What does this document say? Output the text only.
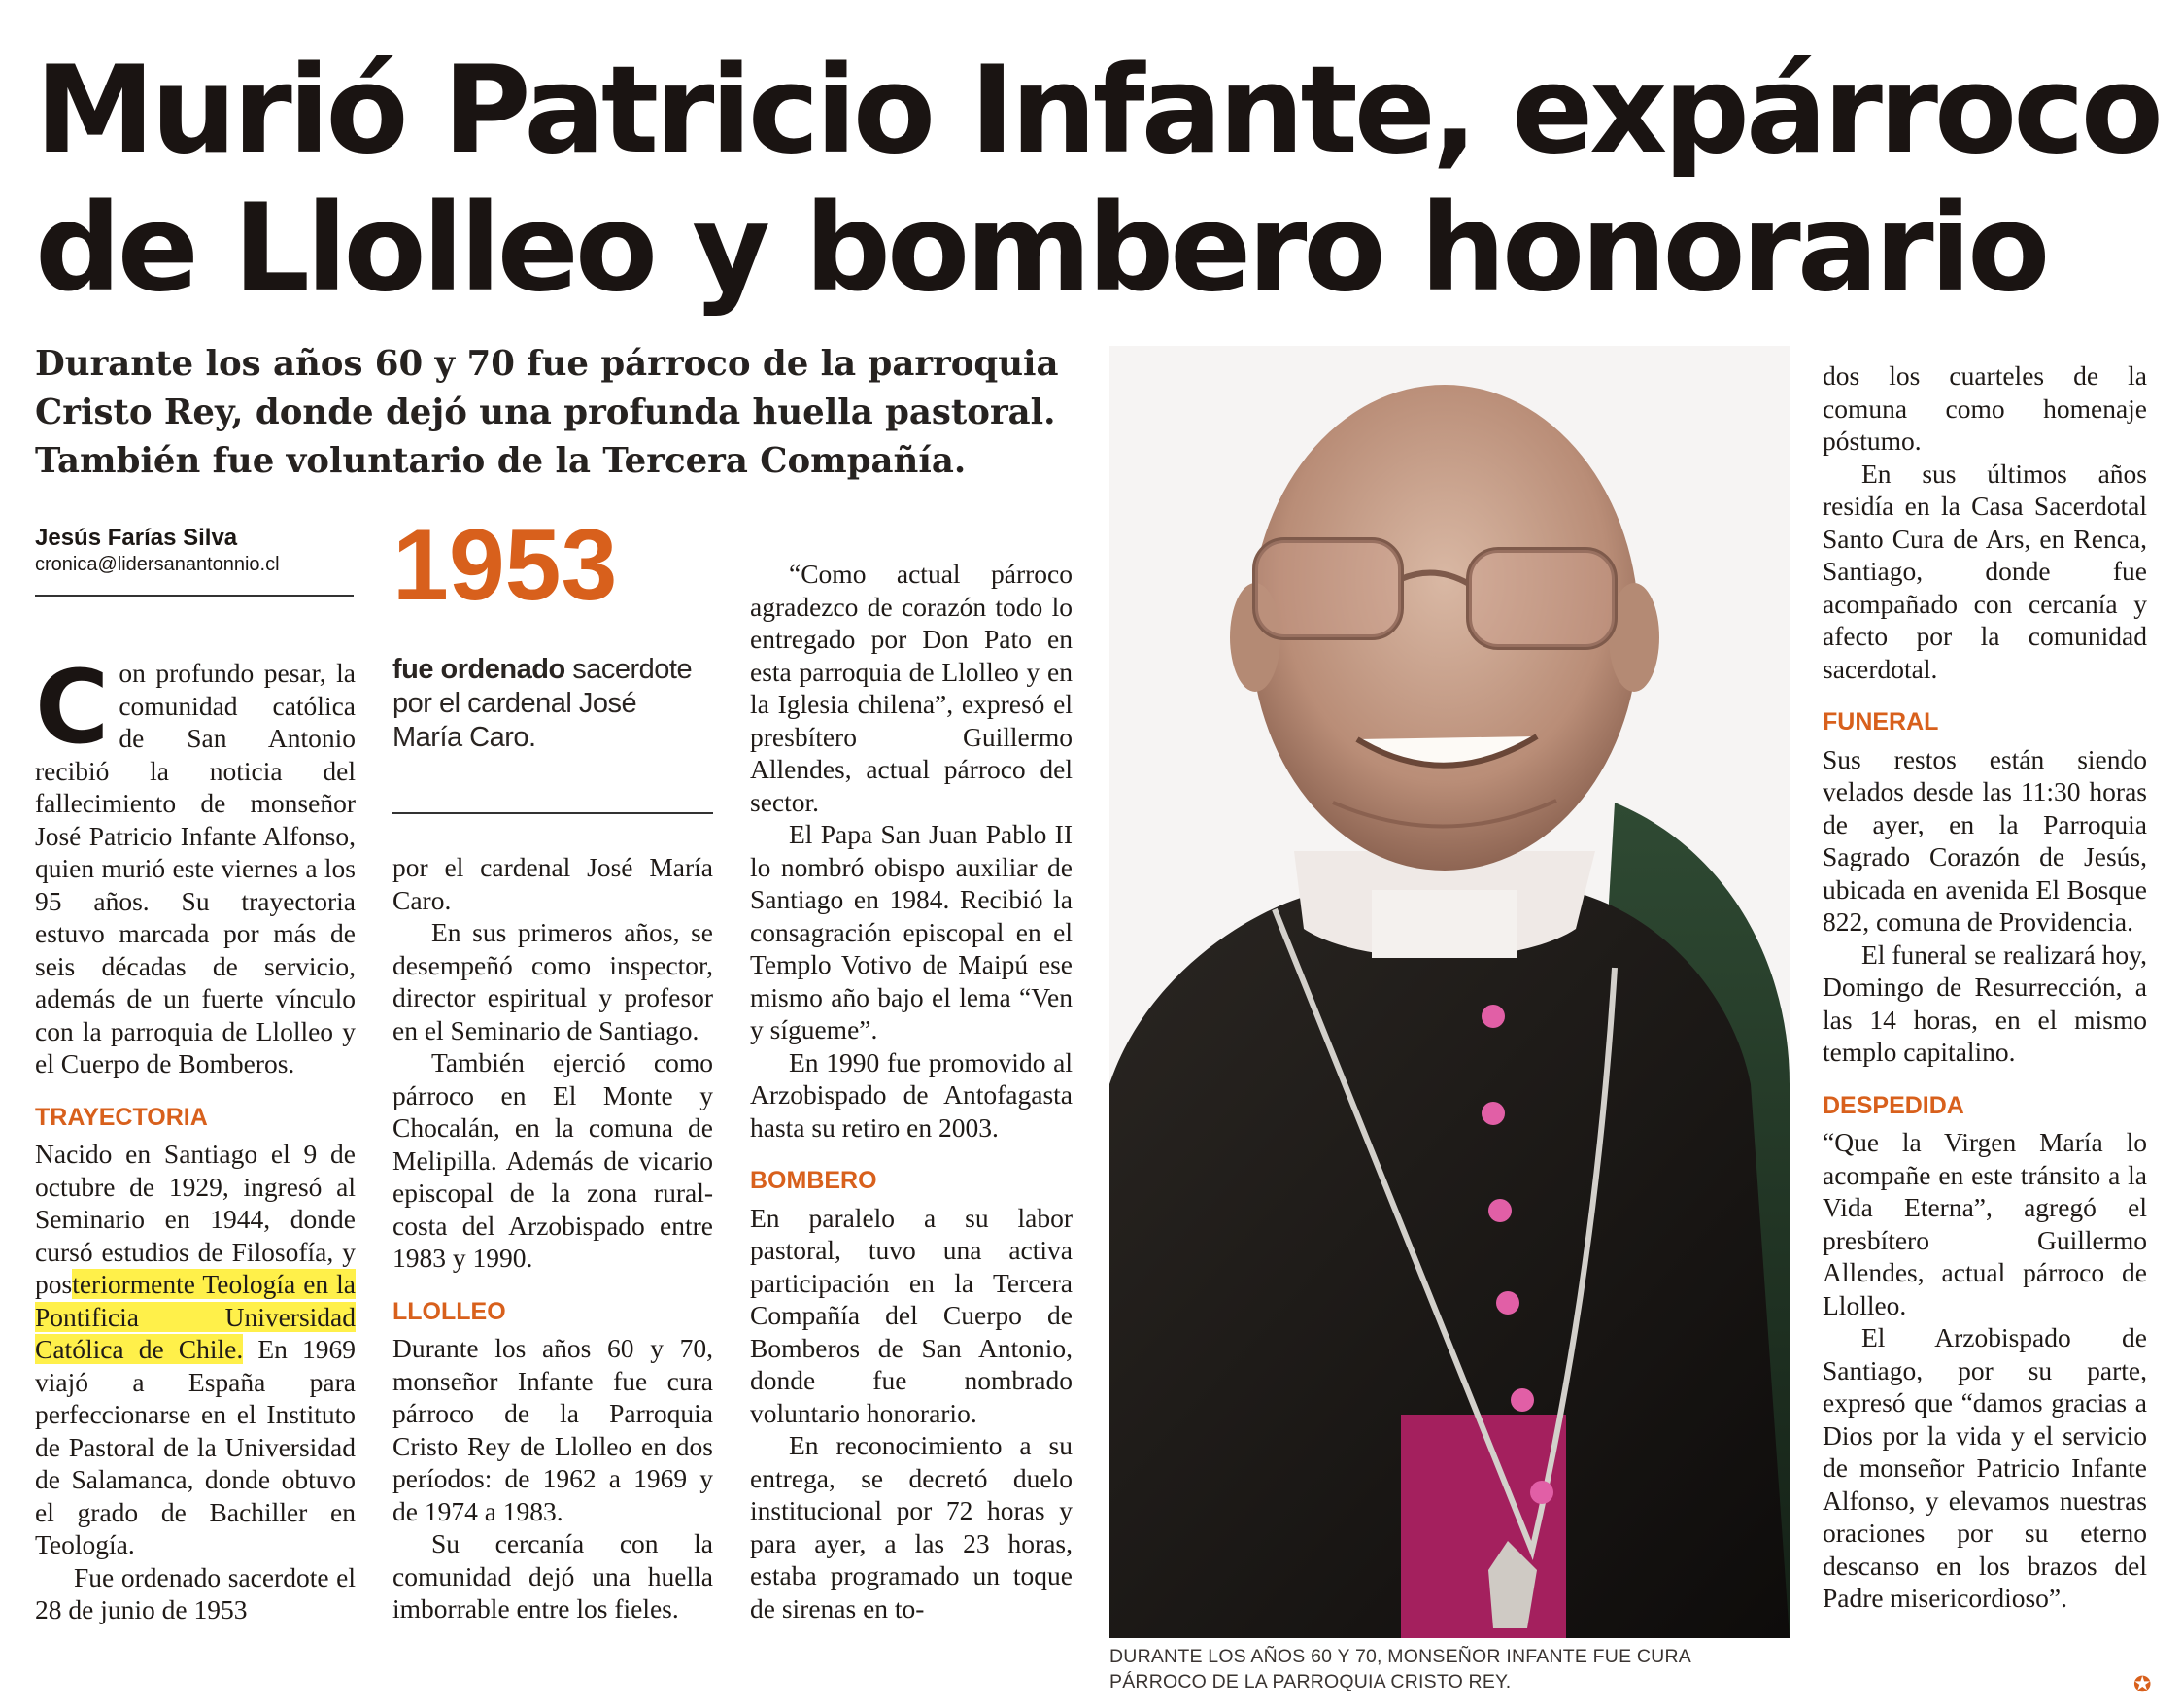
Murió Patricio Infante, expárroco
de Llolleo y bombero honorario
Durante los años 60 y 70 fue párroco de la parroquia Cristo Rey, donde dejó una profunda huella pastoral. También fue voluntario de la Tercera Compañía.
Jesús Farías Silva
cronica@lidersanantonnio.cl	1953
fue ordenado sacerdote por el cardenal José María Caro.

Con profundo pesar, la comunidad católica de San Antonio recibió la noticia del fallecimiento de monseñor José Patricio Infante Alfonso, quien murió este viernes a los 95 años. Su trayectoria estuvo marcada por más de seis décadas de servicio, además de un fuerte vínculo con la parroquia de Llolleo y el Cuerpo de Bomberos.

TRAYECTORIA

Nacido en Santiago el 9 de octubre de 1929, ingresó al Seminario en 1944, donde cursó estudios de Filosofía, y posteriormente Teología en la Pontificia Universidad Católica de Chile. En 1969 viajó a España para perfeccionarse en el Instituto de Pastoral de la Universidad de Salamanca, donde obtuvo el grado de Bachiller en Teología.

Fue ordenado sacerdote el 28 de junio de 1953

por el cardenal José María Caro.

En sus primeros años, se desempeñó como inspector, director espiritual y profesor en el Seminario de Santiago.

También ejerció como párroco en El Monte y Chocalán, en la comuna de Melipilla. Además de vicario episcopal de la zona rural-costa del Arzobispado entre 1983 y 1990.

LLOLLEO

Durante los años 60 y 70, monseñor Infante fue cura párroco de la Parroquia Cristo Rey de Llolleo en dos períodos: de 1962 a 1969 y de 1974 a 1983.

Su cercanía con la comunidad dejó una huella imborrable entre los fieles.

“Como actual párroco agradezco de corazón todo lo entregado por Don Pato en esta parroquia de Llolleo y en la Iglesia chilena”, expresó el presbítero Guillermo Allendes, actual párroco del sector.

El Papa San Juan Pablo II lo nombró obispo auxiliar de Santiago en 1984. Recibió la consagración episcopal en el Templo Votivo de Maipú ese mismo año bajo el lema “Ven y sígueme”.

En 1990 fue promovido al Arzobispado de Antofagasta hasta su retiro en 2003.

BOMBERO

En paralelo a su labor pastoral, tuvo una activa participación en la Tercera Compañía del Cuerpo de Bomberos de San Antonio, donde fue nombrado voluntario honorario.

En reconocimiento a su entrega, se decretó duelo institucional por 72 horas y para ayer, a las 23 horas, estaba programado un toque de sirenas en to-

DURANTE LOS AÑOS 60 Y 70, MONSEÑOR INFANTE FUE CURA PÁRROCO DE LA PARROQUIA CRISTO REY.

dos los cuarteles de la comuna como homenaje póstumo.

En sus últimos años residía en la Casa Sacerdotal Santo Cura de Ars, en Renca, Santiago, donde fue acompañado con cercanía y afecto por la comunidad sacerdotal.

FUNERAL

Sus restos están siendo velados desde las 11:30 horas de ayer, en la Parroquia Sagrado Corazón de Jesús, ubicada en avenida El Bosque 822, comuna de Providencia.

El funeral se realizará hoy, Domingo de Resurrección, a las 14 horas, en el mismo templo capitalino.

DESPEDIDA

“Que la Virgen María lo acompañe en este tránsito a la Vida Eterna”, agregó el presbítero Guillermo Allendes, actual párroco de Llolleo.

El Arzobispado de Santiago, por su parte, expresó que “damos gracias a Dios por la vida y el servicio de monseñor Patricio Infante Alfonso, y elevamos nuestras oraciones por su eterno descanso en los brazos del Padre misericordioso”.

✪
